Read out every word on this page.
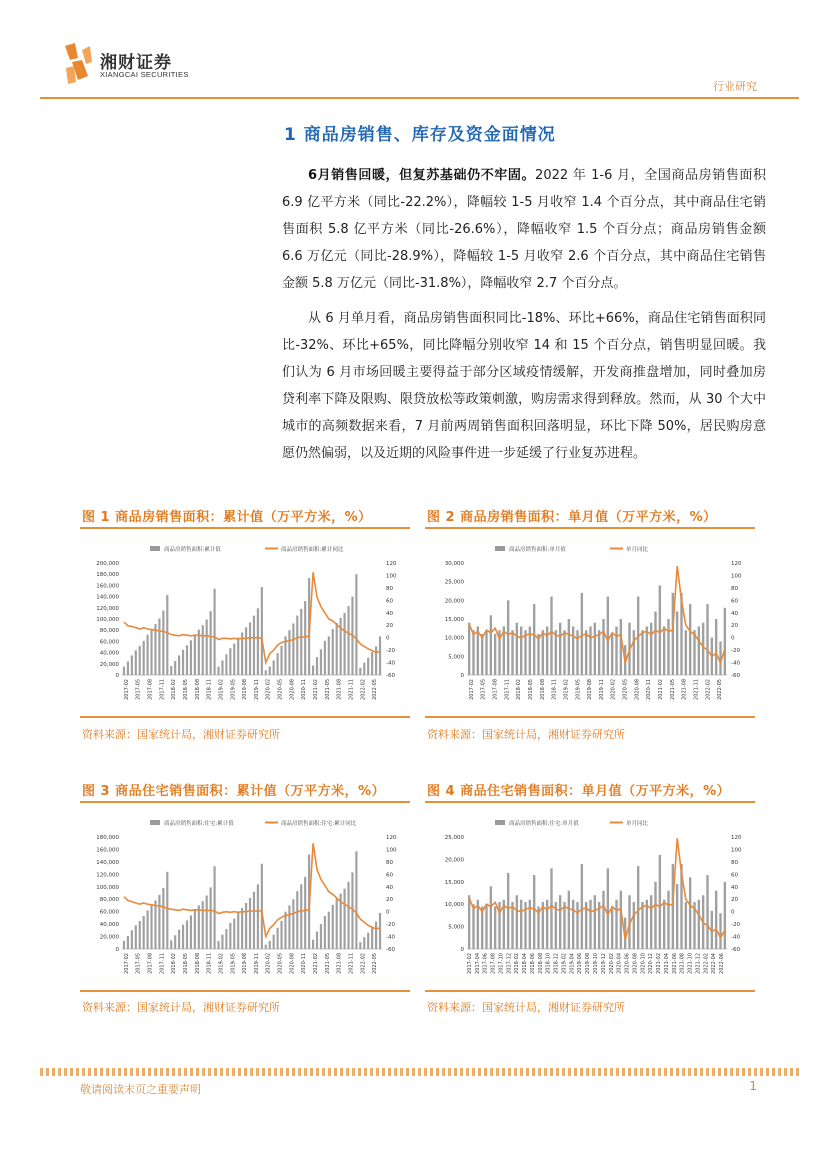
湘财证券
XIANGCAI SECURITIES
行业研究
1 商品房销售、库存及资金面情况

6月销售回暖，但复苏基础仍不牢固。2022 年 1-6 月，全国商品房销售面积 6.9 亿平方米（同比-22.2%），降幅较 1-5 月收窄 1.4 个百分点，其中商品住宅销售面积 5.8 亿平方米（同比-26.6%），降幅收窄 1.5 个百分点；商品房销售金额 6.6 万亿元（同比-28.9%），降幅较 1-5 月收窄 2.6 个百分点，其中商品住宅销售金额 5.8 万亿元（同比-31.8%），降幅收窄 2.7 个百分点。

从 6 月单月看，商品房销售面积同比-18%、环比+66%，商品住宅销售面积同比-32%、环比+65%，同比降幅分别收窄 14 和 15 个百分点，销售明显回暖。我们认为 6 月市场回暖主要得益于部分区域疫情缓解，开发商推盘增加，同时叠加房贷利率下降及限购、限贷放松等政策刺激，购房需求得到释放。然而，从 30 个大中城市的高频数据来看，7 月前两周销售面积回落明显，环比下降 50%，居民购房意愿仍然偏弱，以及近期的风险事件进一步延缓了行业复苏进程。

图 1 商品房销售面积：累计值（万平方米，%）
商品房销售面积:累计值	商品房销售面积:累计同比
0
20,000
40,000
60,000
80,000
100,000
120,000
140,000
160,000
180,000
200,000
-60
-40
-20
0
20
40
60
80
100
120
2017-02 2017-05 2017-08 2017-11 2018-02 2018-05 2018-08 2018-11 2019-02 2019-05 2019-08 2019-11 2020-02 2020-05 2020-08 2020-11 2021-02 2021-05 2021-08 2021-11 2022-02 2022-05
资料来源：国家统计局，湘财证券研究所
图 2 商品房销售面积：单月值（万平方米，%）
商品房销售面积:单月值	单月同比
0
5,000
10,000
15,000
20,000
25,000
30,000
-60
-40
-20
0
20
40
60
80
100
120
2017-02 2017-05 2017-08 2017-11 2018-02 2018-05 2018-08 2018-11 2019-02 2019-05 2019-08 2019-11 2020-02 2020-05 2020-08 2020-11 2021-02 2021-05 2021-08 2021-11 2022-02 2022-05
资料来源：国家统计局，湘财证券研究所
图 3 商品住宅销售面积：累计值（万平方米，%）
商品房销售面积:住宅:累计值	商品房销售面积:住宅:累计同比
0
20,000
40,000
60,000
80,000
100,000
120,000
140,000
160,000
180,000
-60
-40
-20
0
20
40
60
80
100
120
2017-02 2017-05 2017-08 2017-11 2018-02 2018-05 2018-08 2018-11 2019-02 2019-05 2019-08 2019-11 2020-02 2020-05 2020-08 2020-11 2021-02 2021-05 2021-08 2021-11 2022-02 2022-05
资料来源：国家统计局，湘财证券研究所
图 4 商品住宅销售面积：单月值（万平方米，%）
商品房销售面积:住宅:单月值	单月同比
0
5,000
10,000
15,000
20,000
25,000
-60
-40
-20
0
20
40
60
80
100
120
2017-02 2017-04 2017-06 2017-08 2017-10 2017-12 2018-02 2018-04 2018-06 2018-08 2018-10 2018-12 2019-02 2019-04 2019-06 2019-08 2019-10 2019-12 2020-02 2020-04 2020-06 2020-08 2020-10 2020-12 2021-02 2021-04 2021-06 2021-08 2021-10 2021-12 2022-02 2022-04 2022-06
资料来源：国家统计局，湘财证券研究所
敬请阅读末页之重要声明	1
